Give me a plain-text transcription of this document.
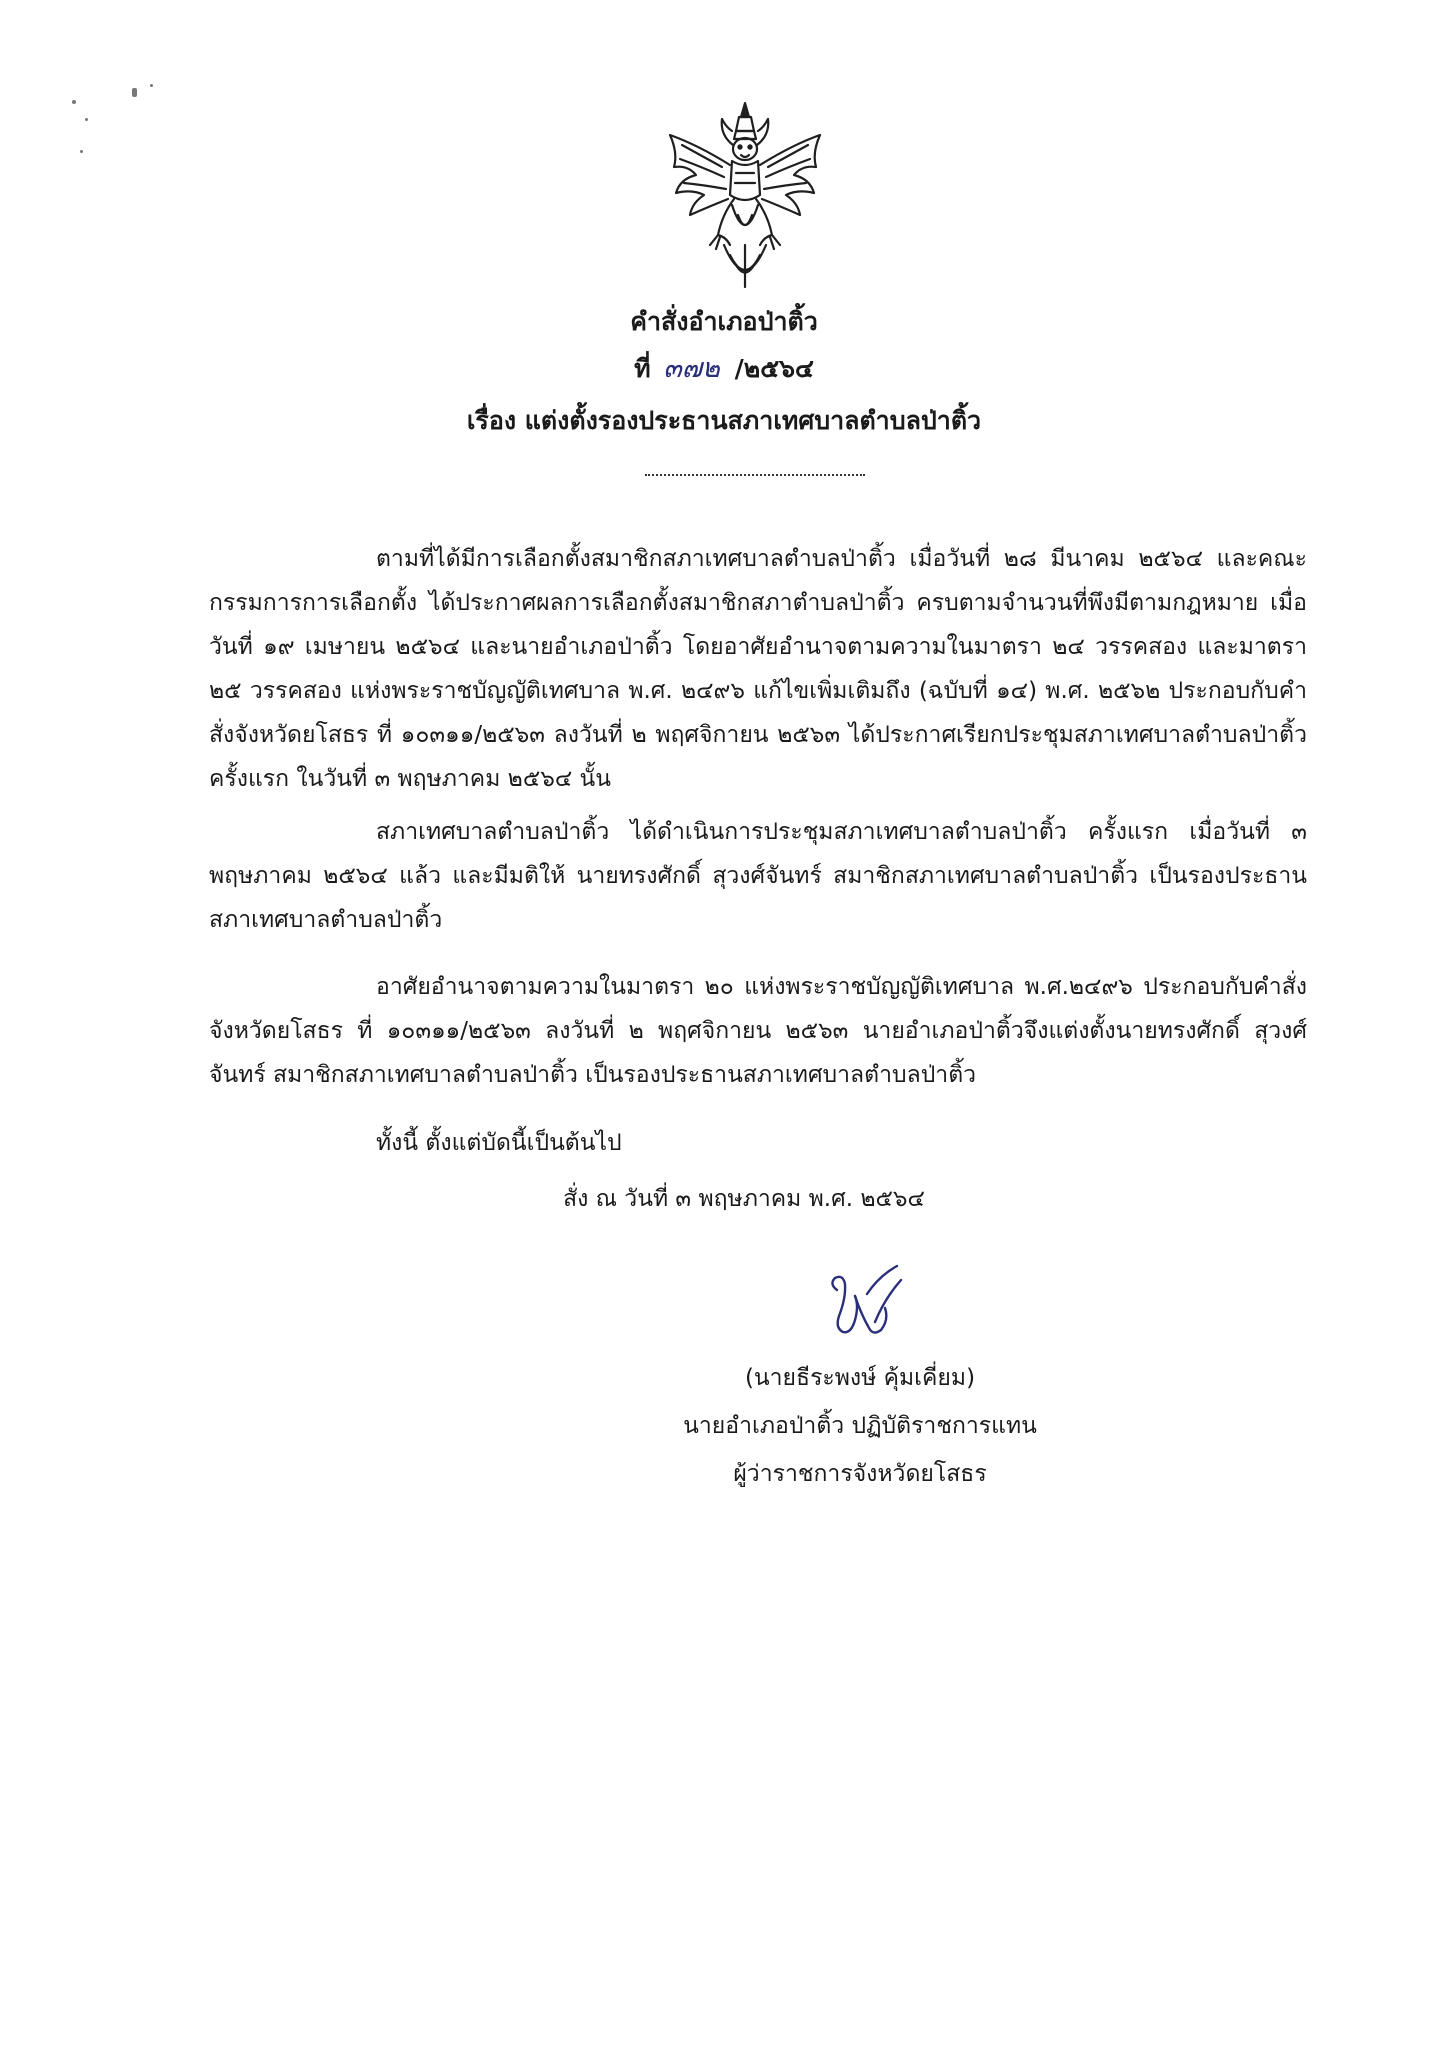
คำสั่งอำเภอป่าติ้ว
ที่ ๓๗๒ /๒๕๖๔
เรื่อง แต่งตั้งรองประธานสภาเทศบาลตำบลป่าติ้ว

ตามที่ได้มีการเลือกตั้งสมาชิกสภาเทศบาลตำบลป่าติ้ว เมื่อวันที่ ๒๘ มีนาคม ๒๕๖๔ และคณะกรรมการการเลือกตั้ง ได้ประกาศผลการเลือกตั้งสมาชิกสภาตำบลป่าติ้ว ครบตามจำนวนที่พึงมีตามกฎหมาย เมื่อวันที่ ๑๙ เมษายน ๒๕๖๔ และนายอำเภอป่าติ้ว โดยอาศัยอำนาจตามความในมาตรา ๒๔ วรรคสอง และมาตรา ๒๕ วรรคสอง แห่งพระราชบัญญัติเทศบาล พ.ศ. ๒๔๙๖ แก้ไขเพิ่มเติมถึง (ฉบับที่ ๑๔) พ.ศ. ๒๕๖๒ ประกอบกับคำสั่งจังหวัดยโสธร ที่ ๑๐๓๑๑/๒๕๖๓ ลงวันที่ ๒ พฤศจิกายน ๒๕๖๓ ได้ประกาศเรียกประชุมสภาเทศบาลตำบลป่าติ้ว ครั้งแรก ในวันที่ ๓ พฤษภาคม ๒๕๖๔ นั้น

สภาเทศบาลตำบลป่าติ้ว ได้ดำเนินการประชุมสภาเทศบาลตำบลป่าติ้ว ครั้งแรก เมื่อวันที่ ๓ พฤษภาคม ๒๕๖๔ แล้ว และมีมติให้ นายทรงศักดิ์ สุวงศ์จันทร์ สมาชิกสภาเทศบาลตำบลป่าติ้ว เป็นรองประธานสภาเทศบาลตำบลป่าติ้ว

อาศัยอำนาจตามความในมาตรา ๒๐ แห่งพระราชบัญญัติเทศบาล พ.ศ.๒๔๙๖ ประกอบกับคำสั่งจังหวัดยโสธร ที่ ๑๐๓๑๑/๒๕๖๓ ลงวันที่ ๒ พฤศจิกายน ๒๕๖๓ นายอำเภอป่าติ้วจึงแต่งตั้งนายทรงศักดิ์ สุวงศ์จันทร์ สมาชิกสภาเทศบาลตำบลป่าติ้ว เป็นรองประธานสภาเทศบาลตำบลป่าติ้ว

ทั้งนี้ ตั้งแต่บัดนี้เป็นต้นไป

สั่ง ณ วันที่ ๓ พฤษภาคม พ.ศ. ๒๕๖๔
(นายธีระพงษ์ คุ้มเคี่ยม)
นายอำเภอป่าติ้ว ปฏิบัติราชการแทน
ผู้ว่าราชการจังหวัดยโสธร
